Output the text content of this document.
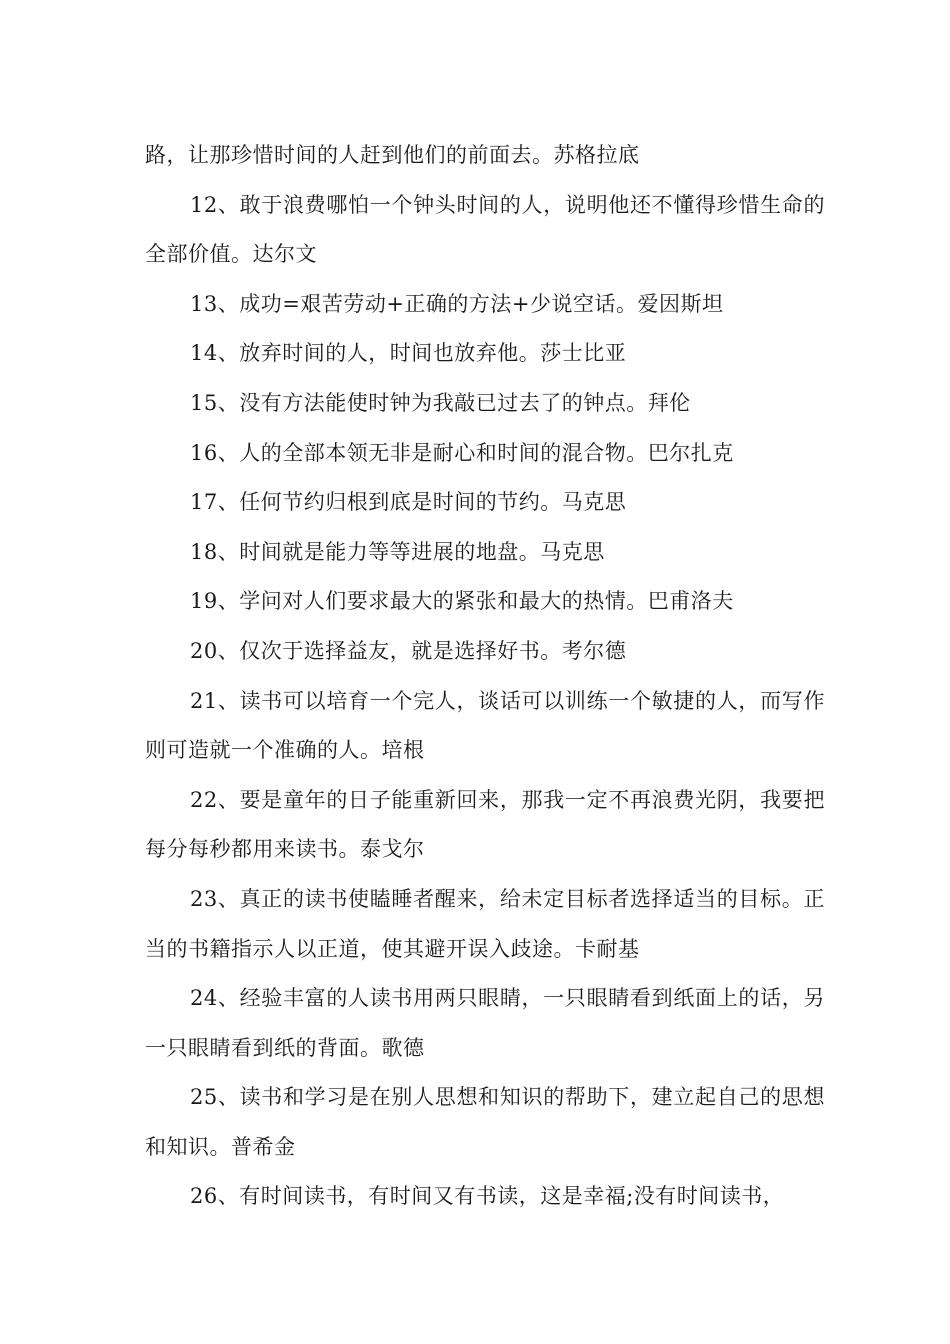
路，让那珍惜时间的人赶到他们的前面去。苏格拉底

12、敢于浪费哪怕一个钟头时间的人，说明他还不懂得珍惜生命的全部价值。达尔文

13、成功=艰苦劳动+正确的方法+少说空话。爱因斯坦

14、放弃时间的人，时间也放弃他。莎士比亚

15、没有方法能使时钟为我敲已过去了的钟点。拜伦

16、人的全部本领无非是耐心和时间的混合物。巴尔扎克

17、任何节约归根到底是时间的节约。马克思

18、时间就是能力等等进展的地盘。马克思

19、学问对人们要求最大的紧张和最大的热情。巴甫洛夫

20、仅次于选择益友，就是选择好书。考尔德

21、读书可以培育一个完人，谈话可以训练一个敏捷的人，而写作则可造就一个准确的人。培根

22、要是童年的日子能重新回来，那我一定不再浪费光阴，我要把每分每秒都用来读书。泰戈尔

23、真正的读书使瞌睡者醒来，给未定目标者选择适当的目标。正当的书籍指示人以正道，使其避开误入歧途。卡耐基

24、经验丰富的人读书用两只眼睛，一只眼睛看到纸面上的话，另一只眼睛看到纸的背面。歌德

25、读书和学习是在别人思想和知识的帮助下，建立起自己的思想和知识。普希金

26、有时间读书，有时间又有书读，这是幸福;没有时间读书，
